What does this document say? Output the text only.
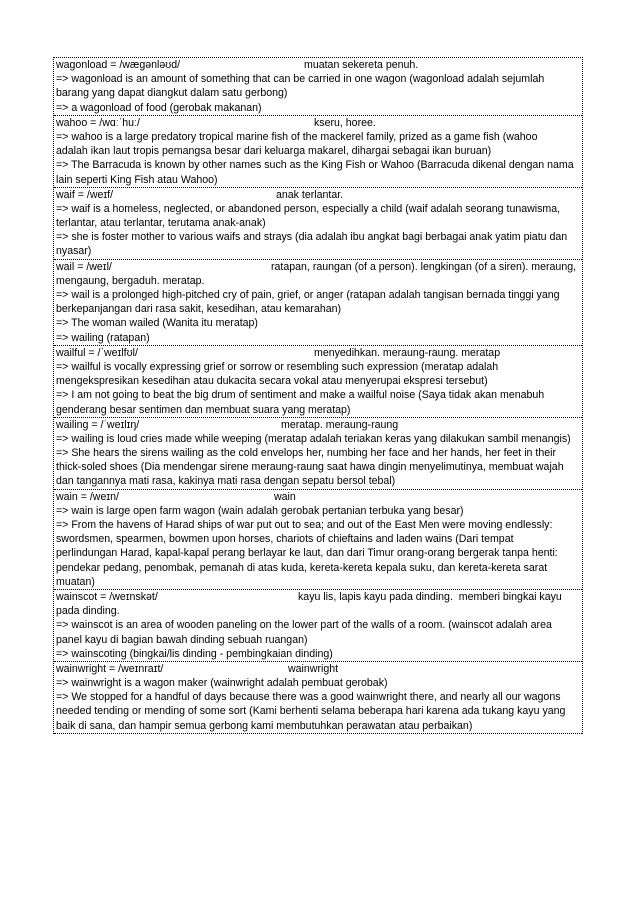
wagonload = /wæɡənləʊd/	muatan sekereta penuh.
=> wagonload is an amount of something that can be carried in one wagon (wagonload adalah sejumlah
barang yang dapat diangkut dalam satu gerbong)
=> a wagonload of food (gerobak makanan)
wahoo = /wɑːˈhuː/	kseru, horee.
=> wahoo is a large predatory tropical marine fish of the mackerel family, prized as a game fish (wahoo
adalah ikan laut tropis pemangsa besar dari keluarga makarel, dihargai sebagai ikan buruan)
=> The Barracuda is known by other names such as the King Fish or Wahoo (Barracuda dikenal dengan nama
lain seperti King Fish atau Wahoo)
waif = /weɪf/	anak terlantar.
=> waif is a homeless, neglected, or abandoned person, especially a child (waif adalah seorang tunawisma,
terlantar, atau terlantar, terutama anak-anak)
=> she is foster mother to various waifs and strays (dia adalah ibu angkat bagi berbagai anak yatim piatu dan
nyasar)
wail = /weɪl/	ratapan, raungan (of a person). lengkingan (of a siren). meraung,
mengaung, bergaduh. meratap.
=> wail is a prolonged high-pitched cry of pain, grief, or anger (ratapan adalah tangisan bernada tinggi yang
berkepanjangan dari rasa sakit, kesedihan, atau kemarahan)
=> The woman wailed (Wanita itu meratap)
=> wailing (ratapan)
wailful = /ˈweɪlfʊl/	menyedihkan. meraung-raung. meratap
=> wailful is vocally expressing grief or sorrow or resembling such expression (meratap adalah
mengekspresikan kesedihan atau dukacita secara vokal atau menyerupai ekspresi tersebut)
=> I am not going to beat the big drum of sentiment and make a wailful noise (Saya tidak akan menabuh
genderang besar sentimen dan membuat suara yang meratap)
wailing = /ˈweɪlɪŋ/	meratap. meraung-raung
=> wailing is loud cries made while weeping (meratap adalah teriakan keras yang dilakukan sambil menangis)
=> She hears the sirens wailing as the cold envelops her, numbing her face and her hands, her feet in their
thick-soled shoes (Dia mendengar sirene meraung-raung saat hawa dingin menyelimutinya, membuat wajah
dan tangannya mati rasa, kakinya mati rasa dengan sepatu bersol tebal)
wain = /weɪn/	wain
=> wain is large open farm wagon (wain adalah gerobak pertanian terbuka yang besar)
=> From the havens of Harad ships of war put out to sea; and out of the East Men were moving endlessly:
swordsmen, spearmen, bowmen upon horses, chariots of chieftains and laden wains (Dari tempat
perlindungan Harad, kapal-kapal perang berlayar ke laut, dan dari Timur orang-orang bergerak tanpa henti:
pendekar pedang, penombak, pemanah di atas kuda, kereta-kereta kepala suku, dan kereta-kereta sarat
muatan)
wainscot = /weɪnskət/	kayu lis, lapis kayu pada dinding.  memberi bingkai kayu
pada dinding.
=> wainscot is an area of wooden paneling on the lower part of the walls of a room. (wainscot adalah area
panel kayu di bagian bawah dinding sebuah ruangan)
=> wainscoting (bingkai/lis dinding - pembingkaian dinding)
wainwright = /weɪnraɪt/	wainwright
=> wainwright is a wagon maker (wainwright adalah pembuat gerobak)
=> We stopped for a handful of days because there was a good wainwright there, and nearly all our wagons
needed tending or mending of some sort (Kami berhenti selama beberapa hari karena ada tukang kayu yang
baik di sana, dan hampir semua gerbong kami membutuhkan perawatan atau perbaikan)
